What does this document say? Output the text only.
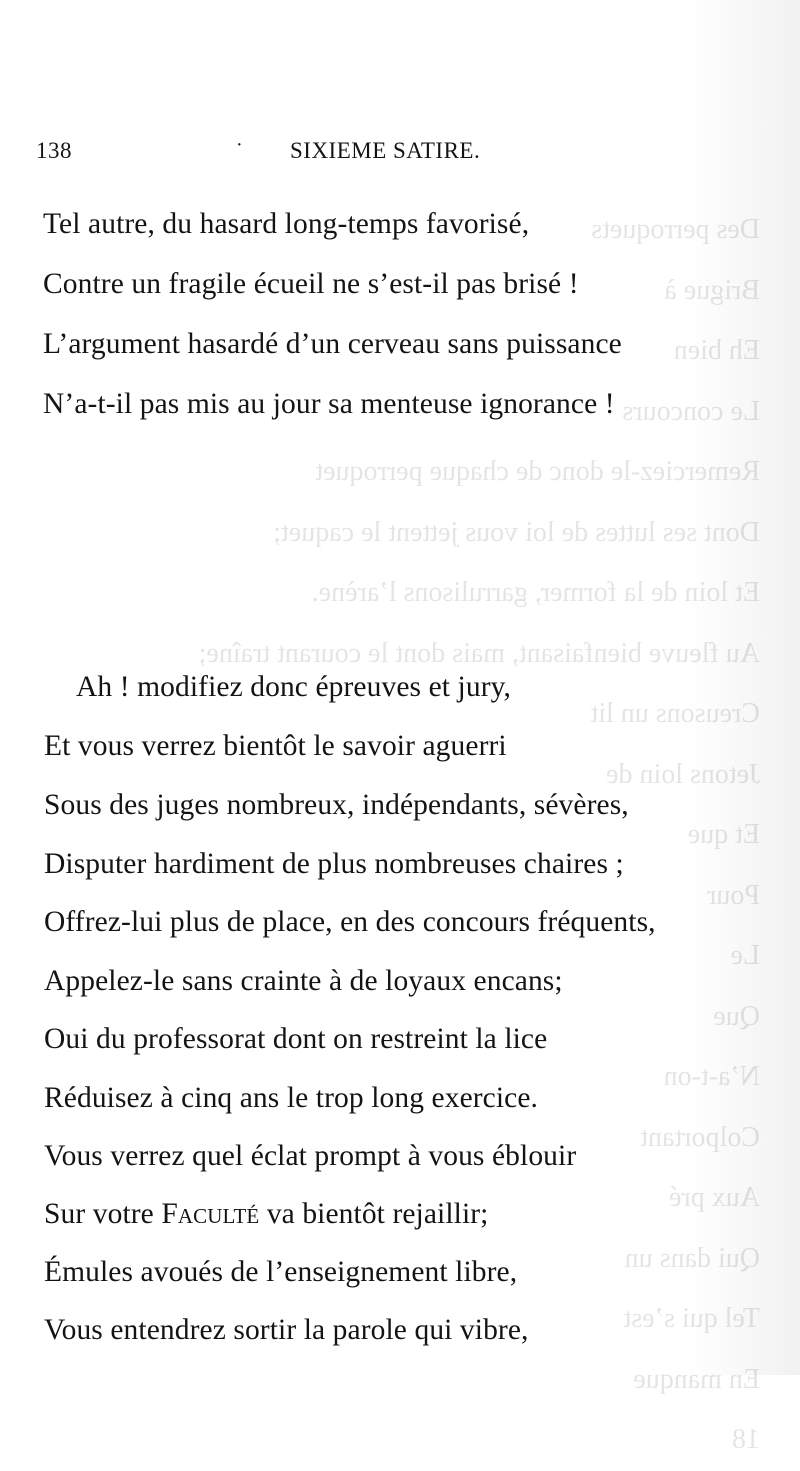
Des perroquets
Brigue à
Eh bien
Le concours
Remerciez-le donc de chaque perroquet
Dont ses luttes de loi vous jettent le caquet;
Et loin de la former, garrulisons l’arène.
Au fleuve bienfaisant, mais dont le courant traîne;
Creusons un lit
Jetons loin de
Et que
Pour
Le
Que
N’a-t-on
Colportant
Aux pré
Qui dans un
Tel qui s’est
En manque
18
138	· SIXIEME SATIRE.
Tel autre, du hasard long-temps favorisé,
Contre un fragile écueil ne s’est-il pas brisé !
L’argument hasardé d’un cerveau sans puissance
N’a-t-il pas mis au jour sa menteuse ignorance !
Ah ! modifiez donc épreuves et jury,
Et vous verrez bientôt le savoir aguerri
Sous des juges nombreux, indépendants, sévères,
Disputer hardiment de plus nombreuses chaires ;
Offrez-lui plus de place, en des concours fréquents,
Appelez-le sans crainte à de loyaux encans;
Oui du professorat dont on restreint la lice
Réduisez à cinq ans le trop long exercice.
Vous verrez quel éclat prompt à vous éblouir
Sur votre Faculté va bientôt rejaillir;
Émules avoués de l’enseignement libre,
Vous entendrez sortir la parole qui vibre,
